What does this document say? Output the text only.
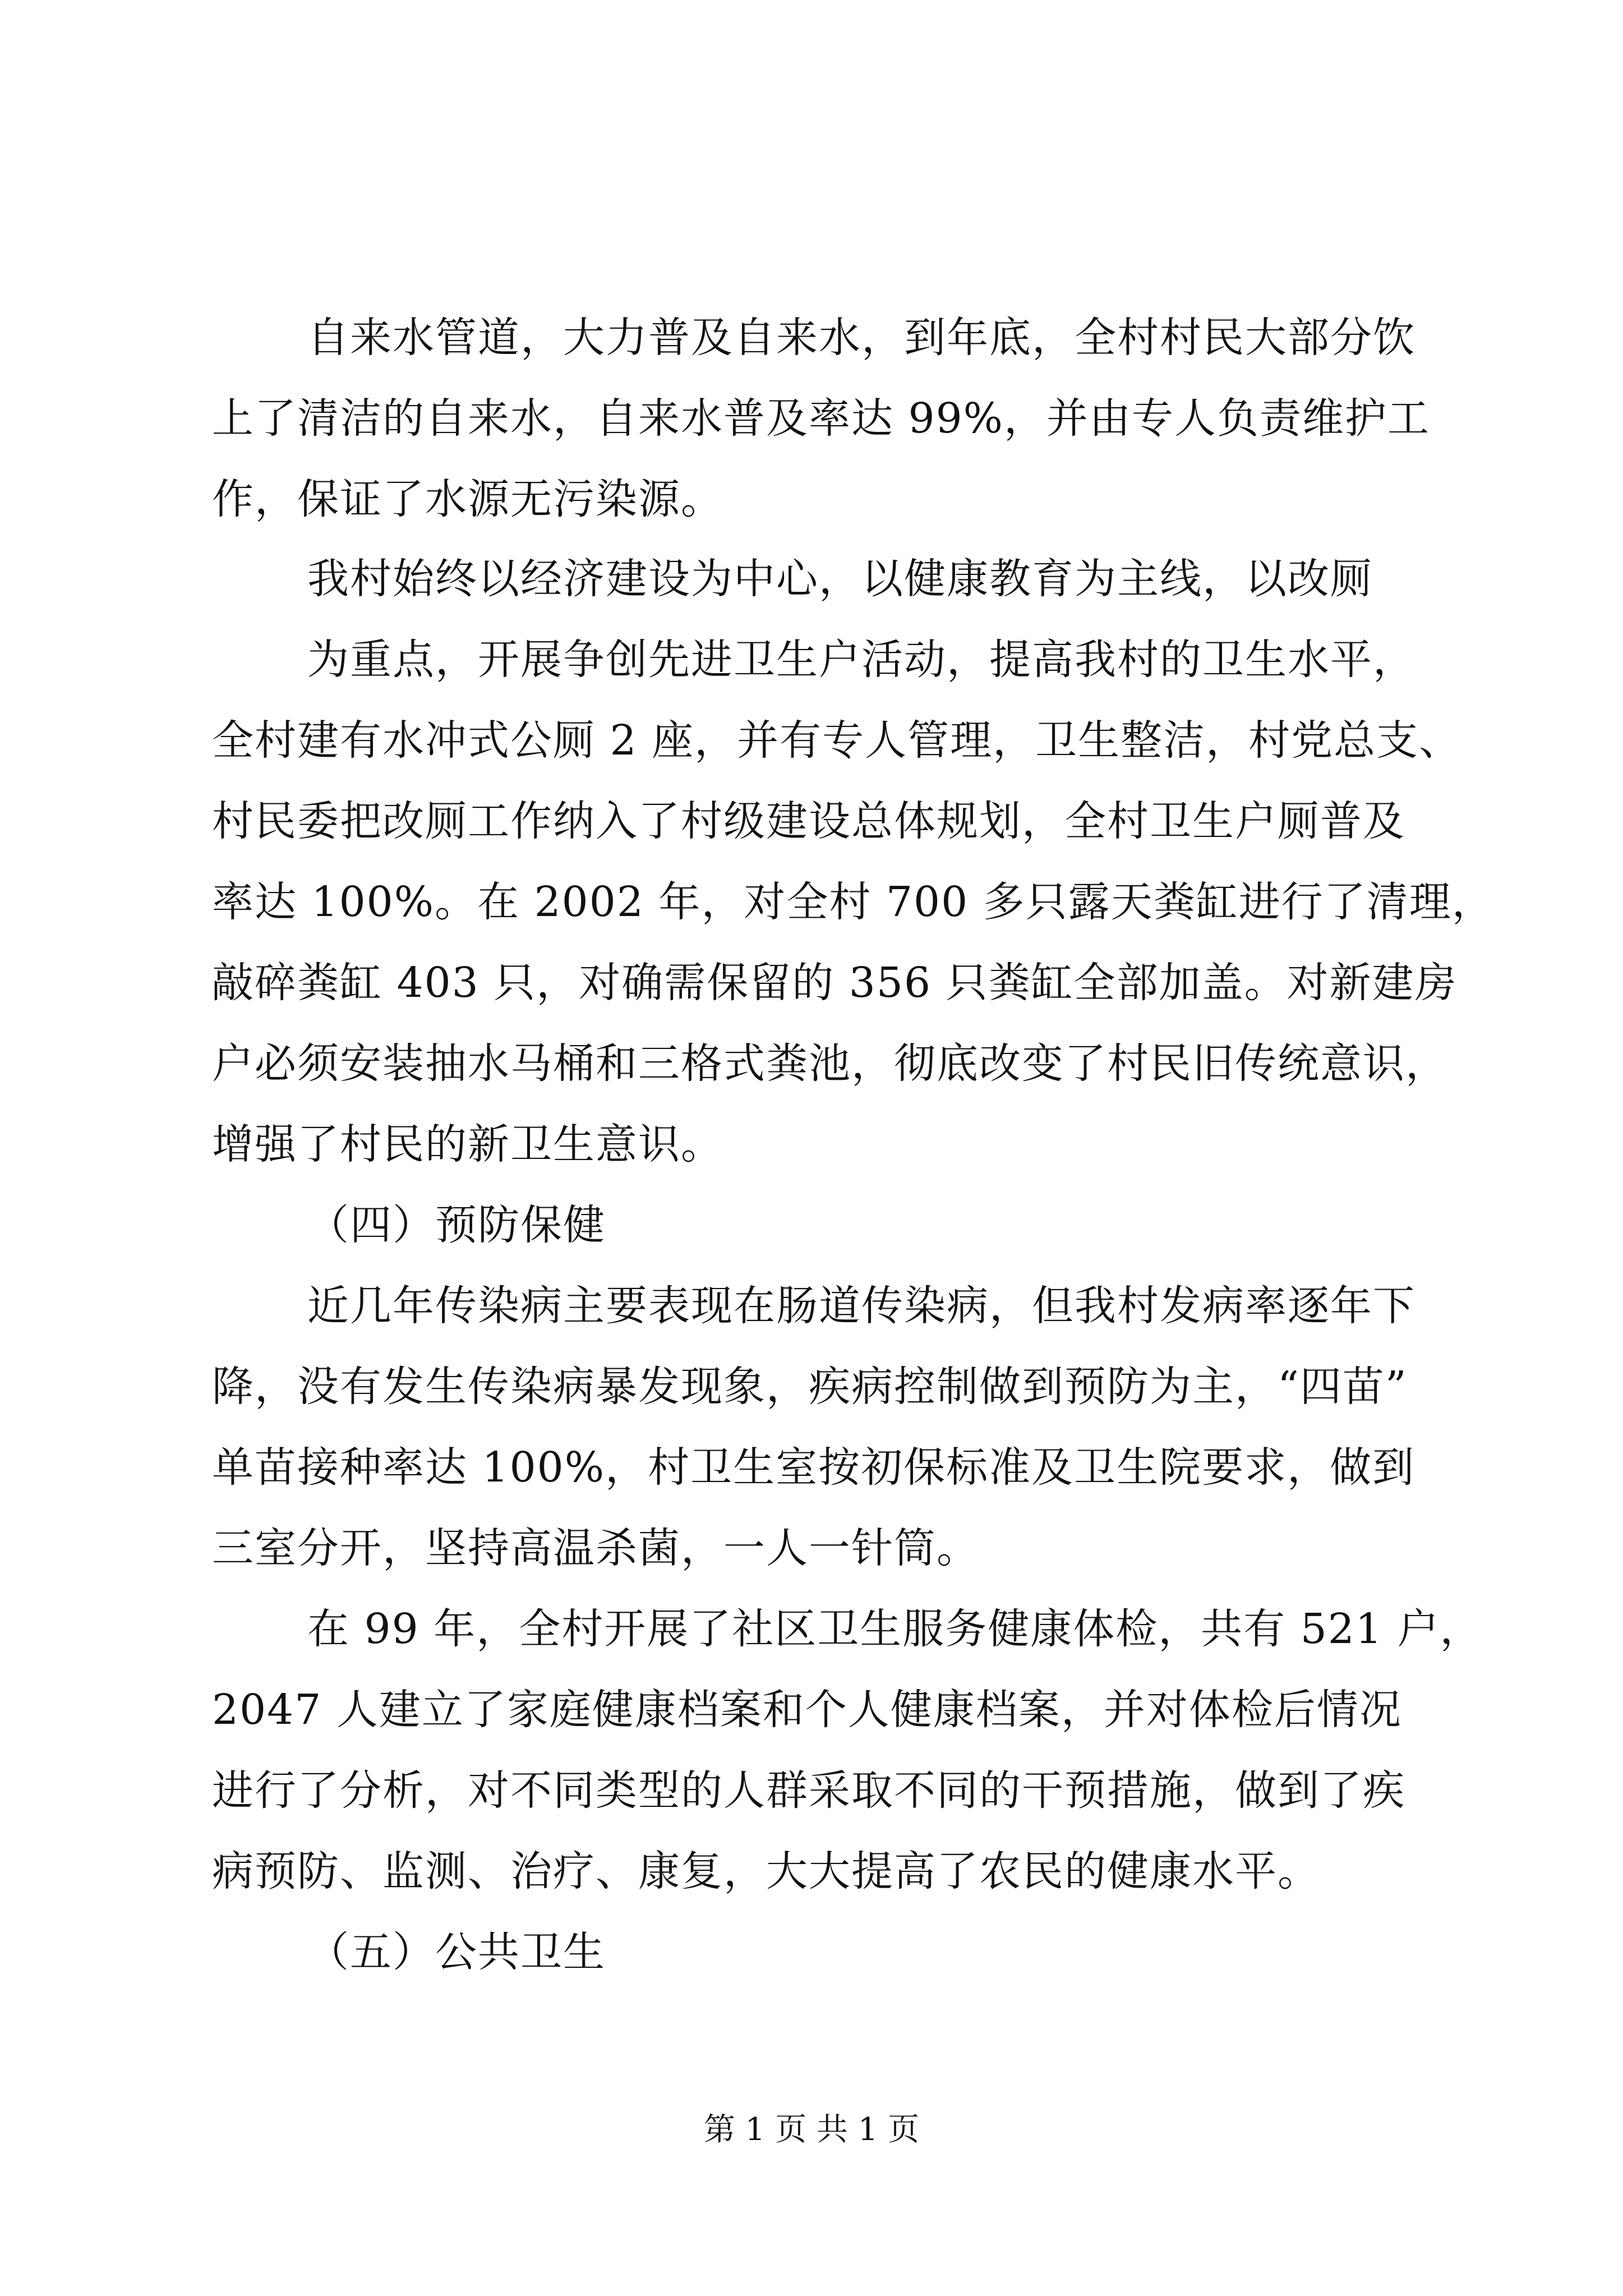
自来水管道，大力普及自来水，到年底，全村村民大部分饮
上了清洁的自来水，自来水普及率达 99%，并由专人负责维护工
作，保证了水源无污染源。
我村始终以经济建设为中心，以健康教育为主线，以改厕
为重点，开展争创先进卫生户活动，提高我村的卫生水平，
全村建有水冲式公厕 2 座，并有专人管理，卫生整洁，村党总支、
村民委把改厕工作纳入了村级建设总体规划，全村卫生户厕普及
率达 100%。在 2002 年，对全村 700 多只露天粪缸进行了清理，
敲碎粪缸 403 只，对确需保留的 356 只粪缸全部加盖。对新建房
户必须安装抽水马桶和三格式粪池，彻底改变了村民旧传统意识，
增强了村民的新卫生意识。
（四）预防保健
近几年传染病主要表现在肠道传染病，但我村发病率逐年下
降，没有发生传染病暴发现象，疾病控制做到预防为主，“四苗”
单苗接种率达 100%，村卫生室按初保标准及卫生院要求，做到
三室分开，坚持高温杀菌，一人一针筒。
在 99 年，全村开展了社区卫生服务健康体检，共有 521 户，
2047 人建立了家庭健康档案和个人健康档案，并对体检后情况
进行了分析，对不同类型的人群采取不同的干预措施，做到了疾
病预防、监测、治疗、康复，大大提高了农民的健康水平。
（五）公共卫生
第 1 页 共 1 页
